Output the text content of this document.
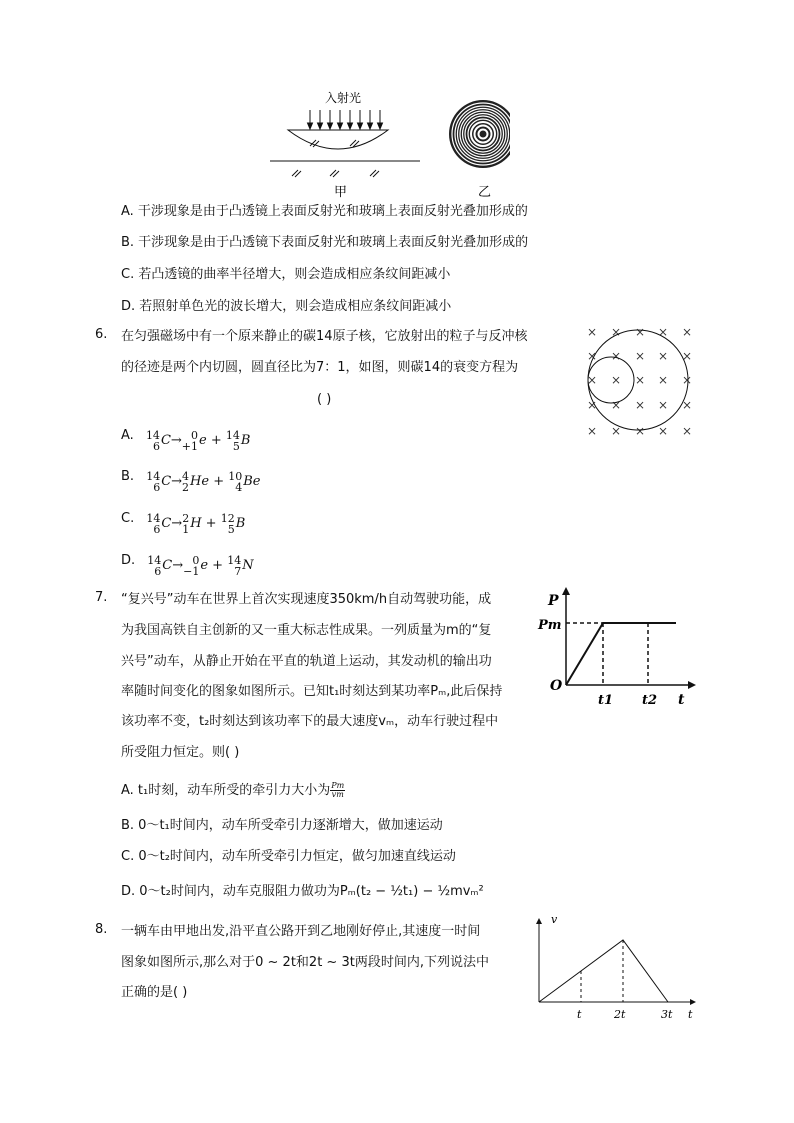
入射光
甲	乙
A. 干涉现象是由于凸透镜上表面反射光和玻璃上表面反射光叠加形成的
B. 干涉现象是由于凸透镜下表面反射光和玻璃上表面反射光叠加形成的
C. 若凸透镜的曲率半径增大，则会造成相应条纹间距减小
D. 若照射单色光的波长增大，则会造成相应条纹间距减小
6. 在匀强磁场中有一个原来静止的碳14原子核，它放射出的粒子与反冲核
的径迹是两个内切圆，圆直径比为7：1，如图，则碳14的衰变方程为
( )
× × × × ×
× × × × ×
× × × × ×
× × × × ×
× × × × ×
A. 14
6 C→ 0
+1 e + 14
5 B
B. 14
6 C→ 4
2 He + 10
4 Be
C. 14
6 C→ 2
1 H + 12
5 B
D. 14
6 C→ 0
−1 e + 14
7 N
7. “复兴号”动车在世界上首次实现速度350km/h自动驾驶功能，成
为我国高铁自主创新的又一重大标志性成果。一列质量为m的“复
兴号”动车，从静止开始在平直的轨道上运动，其发动机的输出功
率随时间变化的图象如图所示。已知t₁时刻达到某功率Pₘ,此后保持
该功率不变，t₂时刻达到该功率下的最大速度vₘ，动车行驶过程中
所受阻力恒定。则( )
P
Pm
O
t1 t2 t
A. t₁时刻，动车所受的牵引力大小为 $\frac{Pm}{vm}$
B. 0～t₁时间内，动车所受牵引力逐渐增大，做加速运动
C. 0～t₂时间内，动车所受牵引力恒定，做匀加速直线运动
D. 0～t₂时间内，动车克服阻力做功为Pₘ(t₂ − ½t₁) − ½mvₘ²
8. 一辆车由甲地出发,沿平直公路开到乙地刚好停止,其速度一时间
图象如图所示,那么对于0 ~ 2t和2t ~ 3t两段时间内,下列说法中
正确的是( )
v
t	2t	3t t
